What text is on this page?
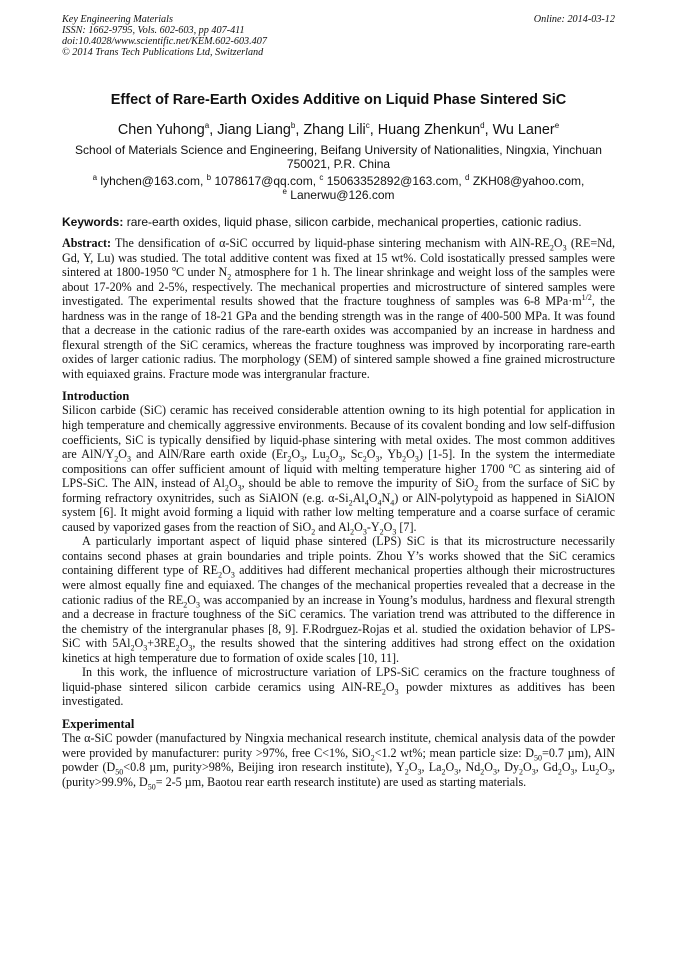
Key Engineering Materials
ISSN: 1662-9795, Vols. 602-603, pp 407-411
doi:10.4028/www.scientific.net/KEM.602-603.407
© 2014 Trans Tech Publications Ltd, Switzerland
Online: 2014-03-12
Effect of Rare-Earth Oxides Additive on Liquid Phase Sintered SiC
Chen Yuhong$^a$, Jiang Liang$^b$, Zhang Lili$^c$, Huang Zhenkun$^d$, Wu Laner$^e$
School of Materials Science and Engineering, Beifang University of Nationalities, Ningxia, Yinchuan
750021, P.R. China
$^a$ lyhchen@163.com, $^b$ 1078617@qq.com, $^c$ 15063352892@163.com, $^d$ ZKH08@yahoo.com,
$^e$ Lanerwu@126.com
Keywords: rare-earth oxides, liquid phase, silicon carbide, mechanical properties, cationic radius.
Abstract: The densification of α-SiC occurred by liquid-phase sintering mechanism with AlN-$RE_2O_3$ (RE=Nd, Gd, Y, Lu) was studied. The total additive content was fixed at 15 wt%. Cold isostatically pressed samples were sintered at 1800-1950 $^o$C under $N_2$ atmosphere for 1 h. The linear shrinkage and weight loss of the samples were about 17-20% and 2-5%, respectively. The mechanical properties and microstructure of sintered samples were investigated. The experimental results showed that the fracture toughness of samples was 6-8 $MPa\cdot m^{1/2}$, the hardness was in the range of 18-21 GPa and the bending strength was in the range of 400-500 MPa. It was found that a decrease in the cationic radius of the rare-earth oxides was accompanied by an increase in hardness and flexural strength of the SiC ceramics, whereas the fracture toughness was improved by incorporating rare-earth oxides of larger cationic radius. The morphology (SEM) of sintered sample showed a fine grained microstructure with equiaxed grains. Fracture mode was intergranular fracture.
Introduction
Silicon carbide (SiC) ceramic has received considerable attention owning to its high potential for application in high temperature and chemically aggressive environments. Because of its covalent bonding and low self-diffusion coefficients, SiC is typically densified by liquid-phase sintering with metal oxides. The most common additives are AlN/$Y_2O_3$ and AlN/Rare earth oxide ($Er_2O_3$, $Lu_2O_3$, $Sc_2O_3$, $Yb_2O_3$) [1-5]. In the system the intermediate compositions can offer sufficient amount of liquid with melting temperature higher 1700 $^o$C as sintering aid of LPS-SiC. The AlN, instead of $Al_2O_3$, should be able to remove the impurity of SiO$_2$ from the surface of SiC by forming refractory oxynitrides, such as SiAlON (e.g. $\alpha-Si_2Al_4O_4N_4$) or AlN-polytypoid as happened in SiAlON system [6]. It might avoid forming a liquid with rather low melting temperature and a coarse surface of ceramic caused by vaporized gases from the reaction of SiO$_2$ and $Al_2O_3-Y_2O_3$ [7].
A particularly important aspect of liquid phase sintered (LPS) SiC is that its microstructure necessarily contains second phases at grain boundaries and triple points. Zhou Y’s works showed that the SiC ceramics containing different type of $RE_2O_3$ additives had different mechanical properties although their microstructures were almost equally fine and equiaxed. The changes of the mechanical properties revealed that a decrease in the cationic radius of the $RE_2O_3$ was accompanied by an increase in Young’s modulus, hardness and flexural strength and a decrease in fracture toughness of the SiC ceramics. The variation trend was attributed to the difference in the chemistry of the intergranular phases [8, 9]. F.Rodrguez-Rojas et al. studied the oxidation behavior of LPS-SiC with $5Al_2O_3+3RE_2O_3$, the results showed that the sintering additives had strong effect on the oxidation kinetics at high temperature due to formation of oxide scales [10, 11].
In this work, the influence of microstructure variation of LPS-SiC ceramics on the fracture toughness of liquid-phase sintered silicon carbide ceramics using AlN-$RE_2O_3$ powder mixtures as additives has been investigated.
Experimental
The α-SiC powder (manufactured by Ningxia mechanical research institute, chemical analysis data of the powder were provided by manufacturer: purity >97%, free C<1%, SiO$_2$<1.2 wt%; mean particle size: $D_{50}=0.7$ µm), AlN powder ($D_{50}<0.8$ µm, purity>98%, Beijing iron research institute), $Y_2O_3$, $La_2O_3$, $Nd_2O_3$, $Dy_2O_3$, $Gd_2O_3$, $Lu_2O_3$, (purity>99.9%, $D_{50}= 2-5$ µm, Baotou rear earth research institute) are used as starting materials.
